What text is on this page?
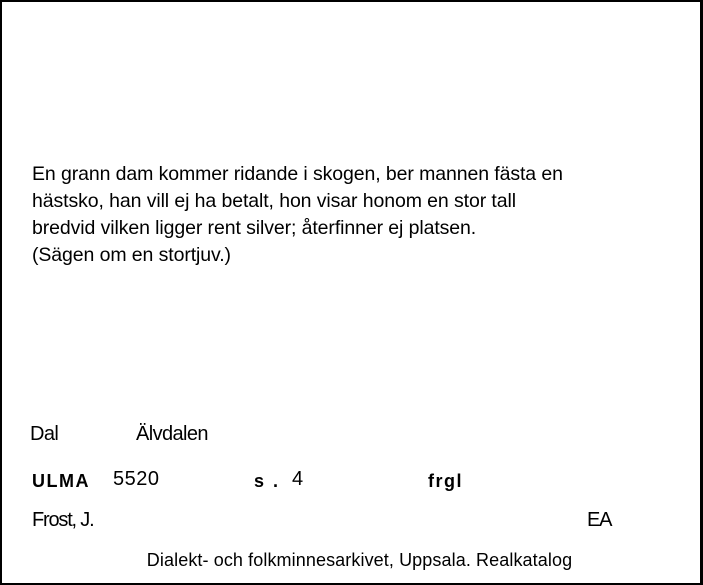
En grann dam kommer ridande i skogen, ber mannen fästa en
hästsko, han vill ej ha betalt, hon visar honom en stor tall
bredvid vilken ligger rent silver; återfinner ej platsen.
(Sägen om en stortjuv.)
Dal	Älvdalen
ULMA 5520	s . 4	frgl
Frost, J.	EA
Dialekt- och folkminnesarkivet, Uppsala. Realkatalog
